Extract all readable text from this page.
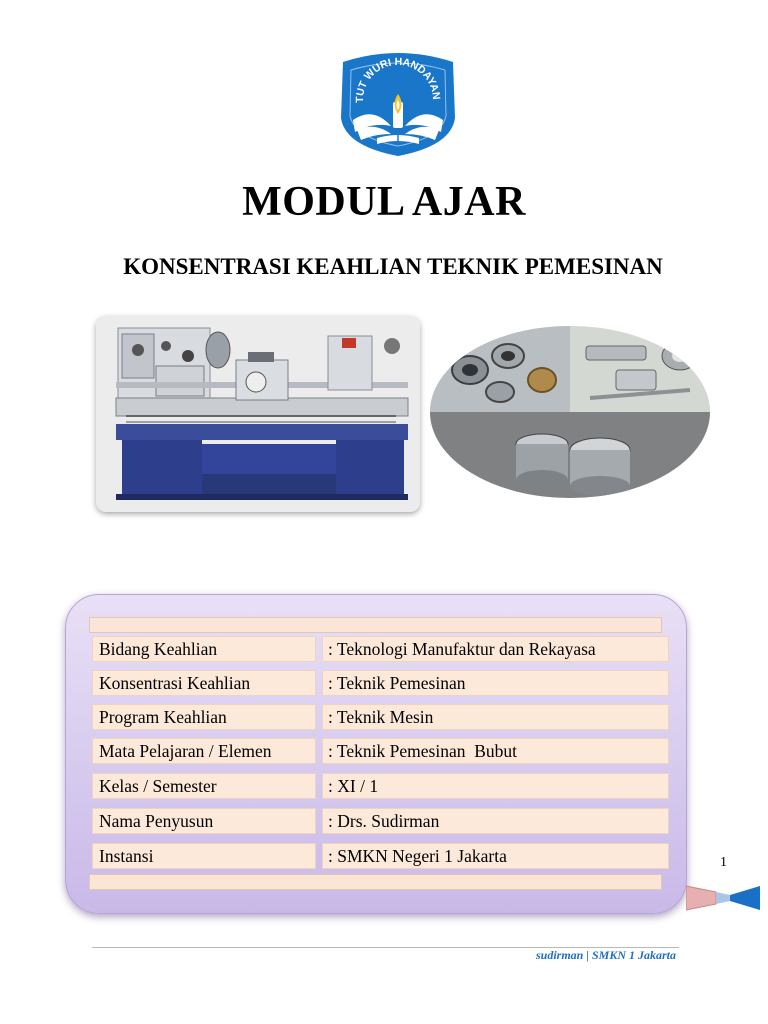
TUT WURI HANDAYAN
MODUL AJAR
KONSENTRASI KEAHLIAN TEKNIK PEMESINAN
Bidang Keahlian	: Teknologi Manufaktur dan Rekayasa
Konsentrasi Keahlian	: Teknik Pemesinan
Program Keahlian	: Teknik Mesin
Mata Pelajaran / Elemen	: Teknik Pemesinan  Bubut
Kelas / Semester	: XI / 1
Nama Penyusun	: Drs. Sudirman
Instansi	: SMKN Negeri 1 Jakarta	1
sudirman | SMKN 1 Jakarta
